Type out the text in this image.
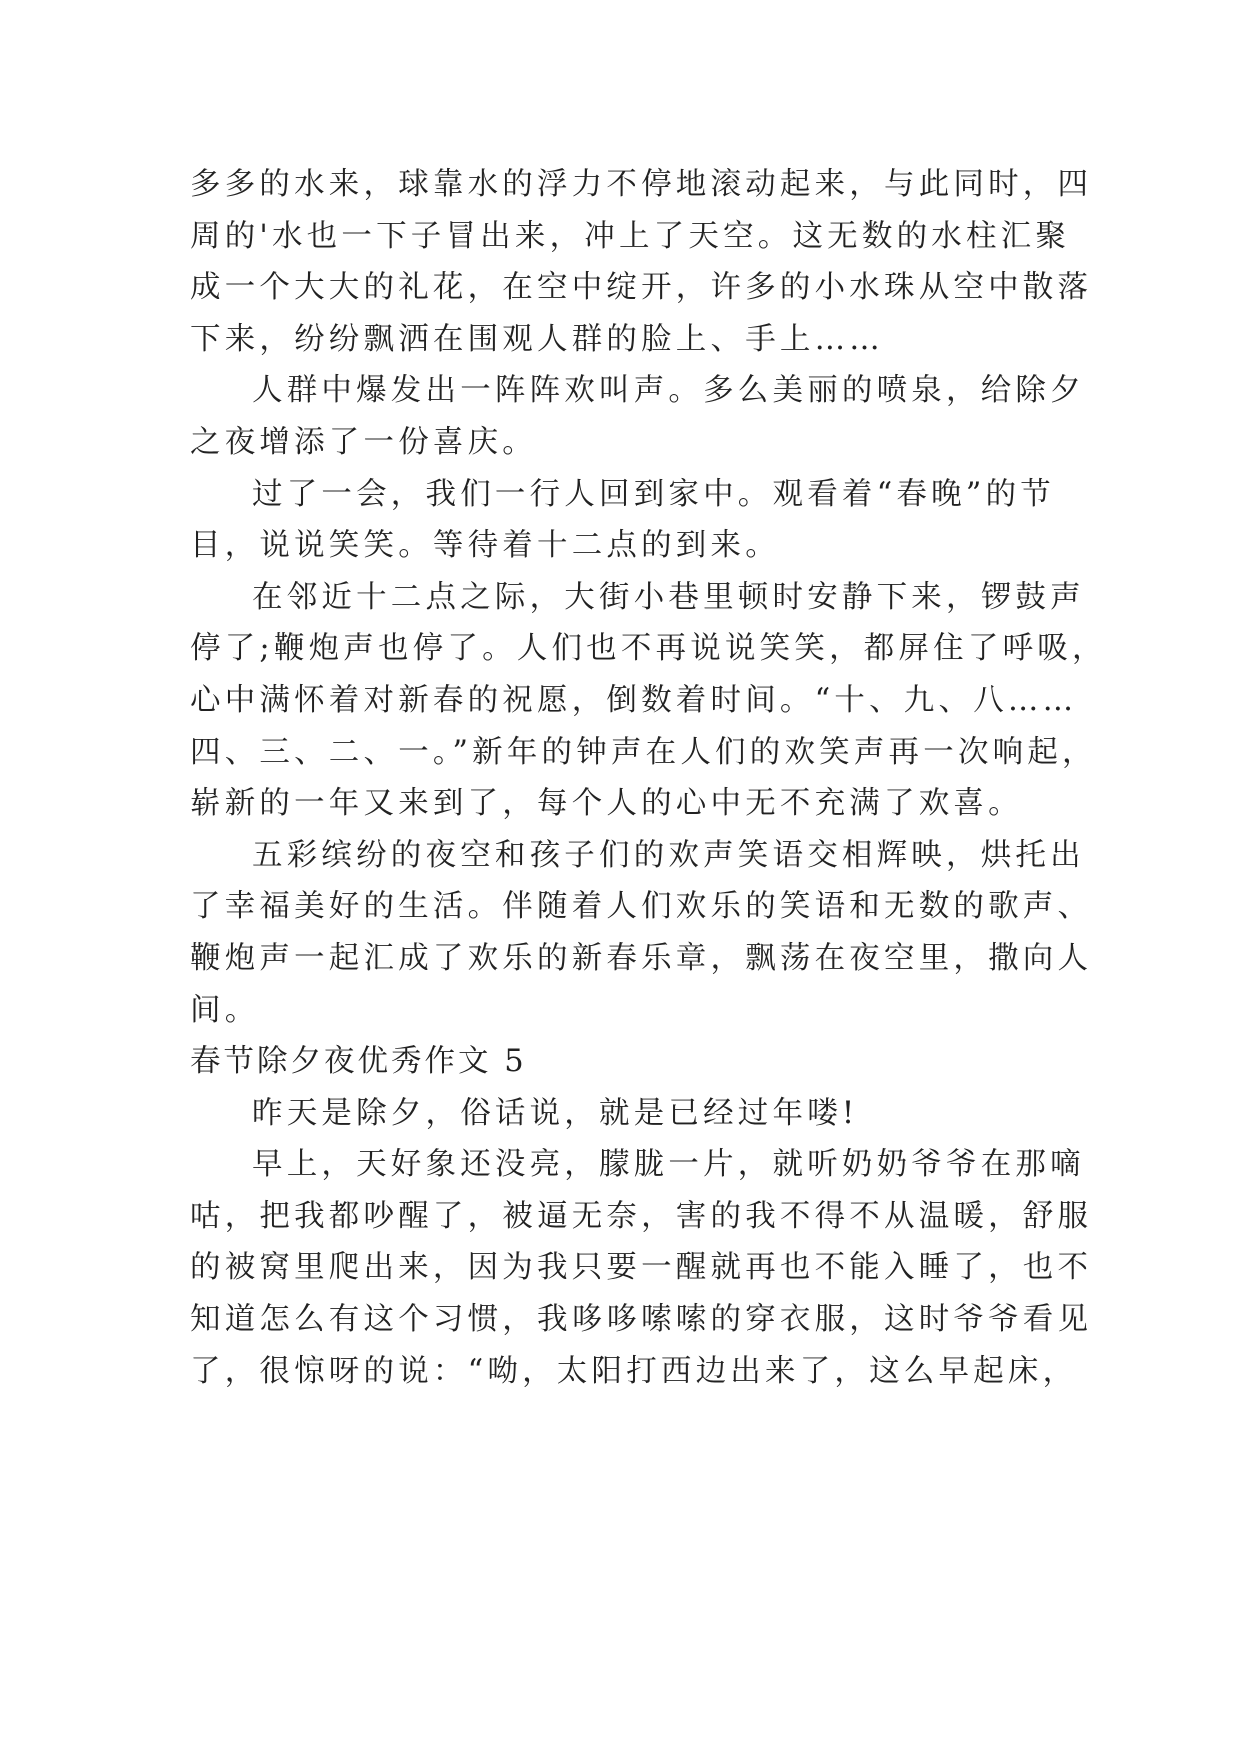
多多的水来，球靠水的浮力不停地滚动起来，与此同时，四
周的'水也一下子冒出来，冲上了天空。这无数的水柱汇聚
成一个大大的礼花，在空中绽开，许多的小水珠从空中散落
下来，纷纷飘洒在围观人群的脸上、手上……

人群中爆发出一阵阵欢叫声。多么美丽的喷泉，给除夕
之夜增添了一份喜庆。

过了一会，我们一行人回到家中。观看着“春晚”的节
目，说说笑笑。等待着十二点的到来。

在邻近十二点之际，大街小巷里顿时安静下来，锣鼓声
停了;鞭炮声也停了。人们也不再说说笑笑，都屏住了呼吸，
心中满怀着对新春的祝愿，倒数着时间。“十、九、八……
四、三、二、一。”新年的钟声在人们的欢笑声再一次响起，
崭新的一年又来到了，每个人的心中无不充满了欢喜。

五彩缤纷的夜空和孩子们的欢声笑语交相辉映，烘托出
了幸福美好的生活。伴随着人们欢乐的笑语和无数的歌声、
鞭炮声一起汇成了欢乐的新春乐章，飘荡在夜空里，撒向人
间。

春节除夕夜优秀作文 5

昨天是除夕，俗话说，就是已经过年喽!

早上，天好象还没亮，朦胧一片，就听奶奶爷爷在那嘀
咕，把我都吵醒了，被逼无奈，害的我不得不从温暖，舒服
的被窝里爬出来，因为我只要一醒就再也不能入睡了，也不
知道怎么有这个习惯，我哆哆嗦嗦的穿衣服，这时爷爷看见
了，很惊呀的说：“呦，太阳打西边出来了，这么早起床，
